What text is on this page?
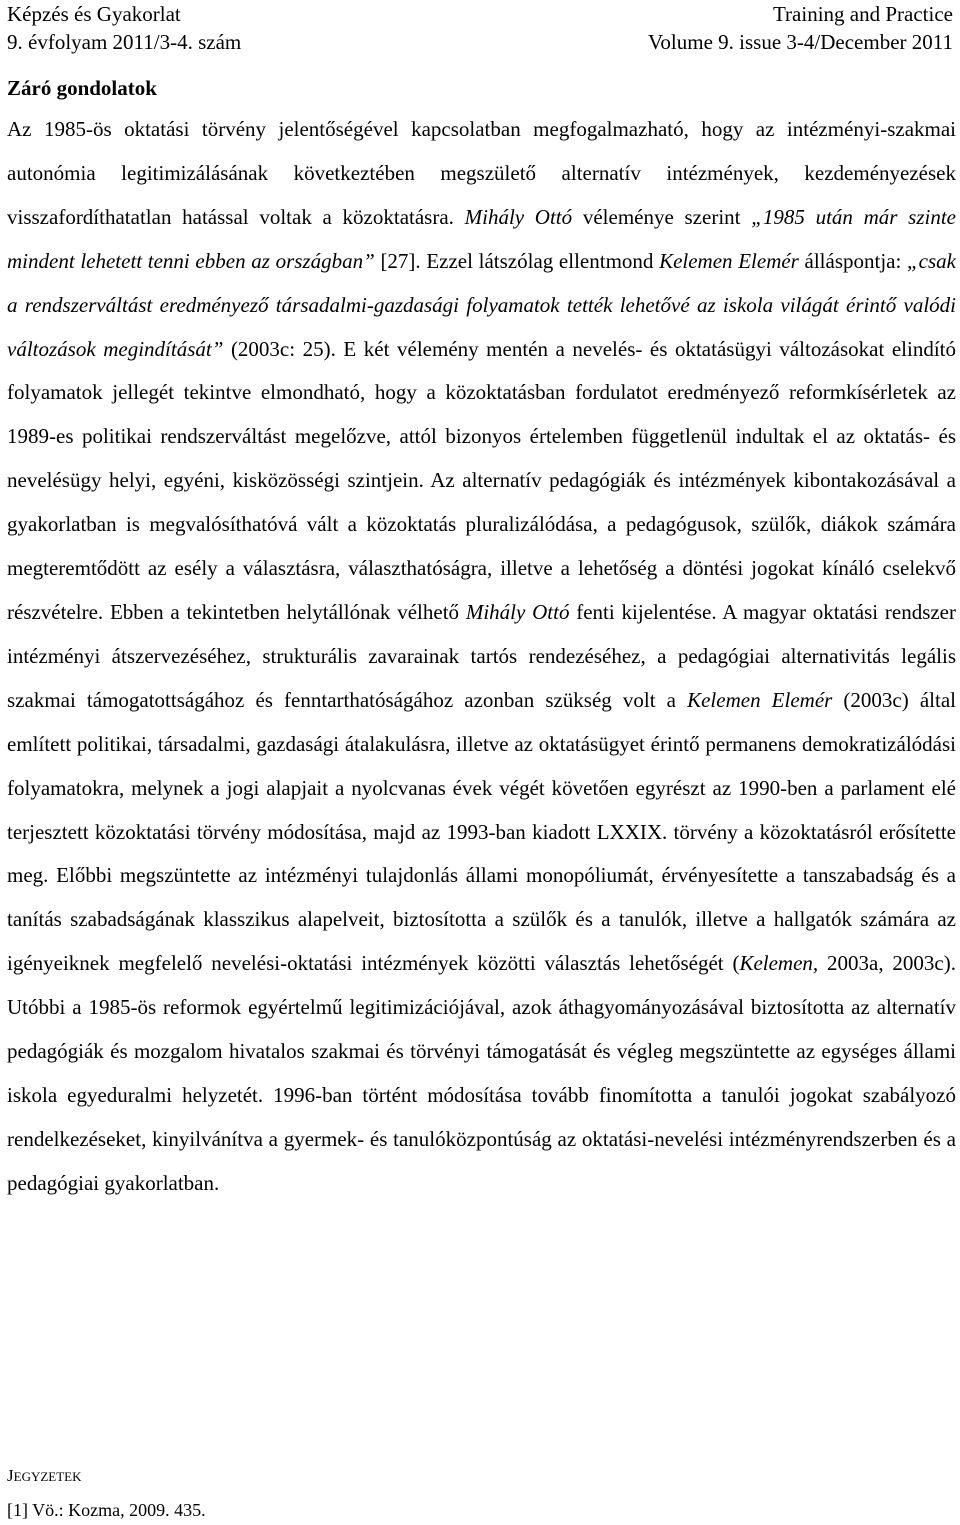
Képzés és Gyakorlat
9. évfolyam 2011/3-4. szám
Training and Practice
Volume 9. issue 3-4/December 2011
Záró gondolatok

Az 1985-ös oktatási törvény jelentőségével kapcsolatban megfogalmazható, hogy az intézményi-szakmai autonómia legitimizálásának következtében megszülető alternatív intézmények, kezdeményezések visszafordíthatatlan hatással voltak a közoktatásra. Mihály Ottó véleménye szerint „1985 után már szinte mindent lehetett tenni ebben az országban” [27]. Ezzel látszólag ellentmond Kelemen Elemér álláspontja: „csak a rendszerváltást eredményező társadalmi-gazdasági folyamatok tették lehetővé az iskola világát érintő valódi változások megindítását” (2003c: 25). E két vélemény mentén a nevelés- és oktatásügyi változásokat elindító folyamatok jellegét tekintve elmondható, hogy a közoktatásban fordulatot eredményező reformkísérletek az 1989-es politikai rendszerváltást megelőzve, attól bizonyos értelemben függetlenül indultak el az oktatás- és nevelésügy helyi, egyéni, kisközösségi szintjein. Az alternatív pedagógiák és intézmények kibontakozásával a gyakorlatban is megvalósíthatóvá vált a közoktatás pluralizálódása, a pedagógusok, szülők, diákok számára megteremtődött az esély a választásra, választhatóságra, illetve a lehetőség a döntési jogokat kínáló cselekvő részvételre. Ebben a tekintetben helytállónak vélhető Mihály Ottó fenti kijelentése. A magyar oktatási rendszer intézményi átszervezéséhez, strukturális zavarainak tartós rendezéséhez, a pedagógiai alternativitás legális szakmai támogatottságához és fenntarthatóságához azonban szükség volt a Kelemen Elemér (2003c) által említett politikai, társadalmi, gazdasági átalakulásra, illetve az oktatásügyet érintő permanens demokratizálódási folyamatokra, melynek a jogi alapjait a nyolcvanas évek végét követően egyrészt az 1990-ben a parlament elé terjesztett közoktatási törvény módosítása, majd az 1993-ban kiadott LXXIX. törvény a közoktatásról erősítette meg. Előbbi megszüntette az intézményi tulajdonlás állami monopóliumát, érvényesítette a tanszabadság és a tanítás szabadságának klasszikus alapelveit, biztosította a szülők és a tanulók, illetve a hallgatók számára az igényeiknek megfelelő nevelési-oktatási intézmények közötti választás lehetőségét (Kelemen, 2003a, 2003c). Utóbbi a 1985-ös reformok egyértelmű legitimizációjával, azok áthagyományozásával biztosította az alternatív pedagógiák és mozgalom hivatalos szakmai és törvényi támogatását és végleg megszüntette az egységes állami iskola egyeduralmi helyzetét. 1996-ban történt módosítása tovább finomította a tanulói jogokat szabályozó rendelkezéseket, kinyilvánítva a gyermek- és tanulóközpontúság az oktatási-nevelési intézményrendszerben és a pedagógiai gyakorlatban.

JEGYZETEK
[1] Vö.: Kozma, 2009. 435.
